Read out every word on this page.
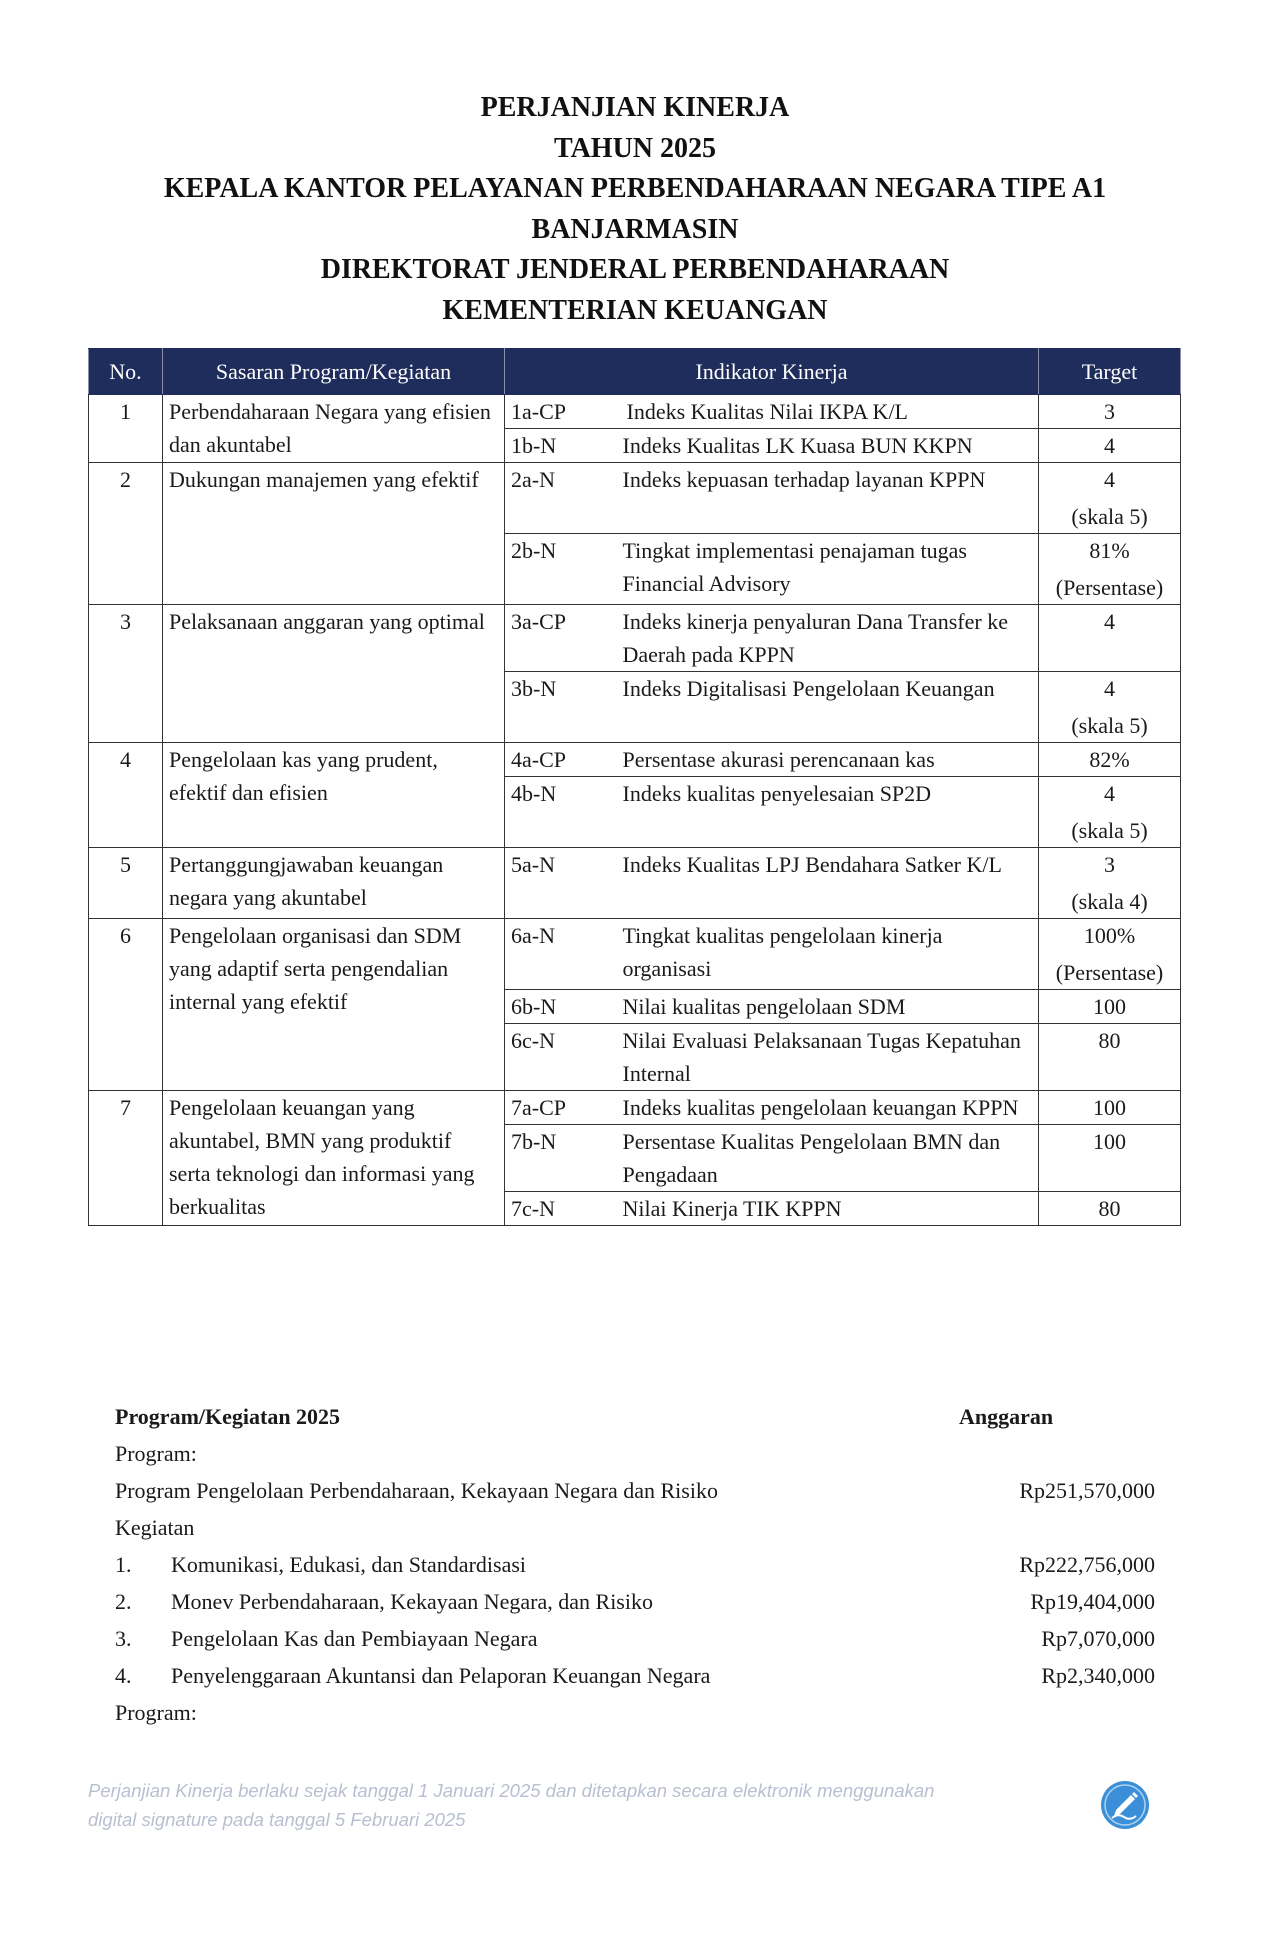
PERJANJIAN KINERJA
TAHUN 2025
KEPALA KANTOR PELAYANAN PERBENDAHARAAN NEGARA TIPE A1
BANJARMASIN
DIREKTORAT JENDERAL PERBENDAHARAAN
KEMENTERIAN KEUANGAN
No.	Sasaran Program/Kegiatan	Indikator Kinerja		Target
1	Perbendaharaan Negara yang efisien dan akuntabel	1a-CP	Indeks Kualitas Nilai IKPA K/L	3

		1b-N	Indeks Kualitas LK Kuasa BUN KKPN	4

2	Dukungan manajemen yang efektif	2a-N	Indeks kepuasan terhadap layanan KPPN	4
(skala 5)

		2b-N	Tingkat implementasi penajaman tugas Financial Advisory	81%
(Persentase)

3	Pelaksanaan anggaran yang optimal	3a-CP	Indeks kinerja penyaluran Dana Transfer ke Daerah pada KPPN	4

		3b-N	Indeks Digitalisasi Pengelolaan Keuangan	4
(skala 5)

4	Pengelolaan kas yang prudent, efektif dan efisien	4a-CP	Persentase akurasi perencanaan kas	82%

		4b-N	Indeks kualitas penyelesaian SP2D	4
(skala 5)

5	Pertanggungjawaban keuangan negara yang akuntabel	5a-N	Indeks Kualitas LPJ Bendahara Satker K/L	3
(skala 4)

6	Pengelolaan organisasi dan SDM yang adaptif serta pengendalian internal yang efektif	6a-N	Tingkat kualitas pengelolaan kinerja organisasi	100%
(Persentase)

		6b-N	Nilai kualitas pengelolaan SDM	100

		6c-N	Nilai Evaluasi Pelaksanaan Tugas Kepatuhan Internal	80

7	Pengelolaan keuangan yang akuntabel, BMN yang produktif serta teknologi dan informasi yang berkualitas	7a-CP	Indeks kualitas pengelolaan keuangan KPPN	100

		7b-N	Persentase Kualitas Pengelolaan BMN dan Pengadaan	100

		7c-N	Nilai Kinerja TIK KPPN	80
Program/Kegiatan 2025	Anggaran
Program:
Program Pengelolaan Perbendaharaan, Kekayaan Negara dan Risiko	Rp251,570,000
Kegiatan
1. Komunikasi, Edukasi, dan Standardisasi	Rp222,756,000
2. Monev Perbendaharaan, Kekayaan Negara, dan Risiko	Rp19,404,000
3. Pengelolaan Kas dan Pembiayaan Negara	Rp7,070,000
4. Penyelenggaraan Akuntansi dan Pelaporan Keuangan Negara	Rp2,340,000
Program:
Perjanjian Kinerja berlaku sejak tanggal 1 Januari 2025 dan ditetapkan secara elektronik menggunakan
digital signature pada tanggal 5 Februari 2025
